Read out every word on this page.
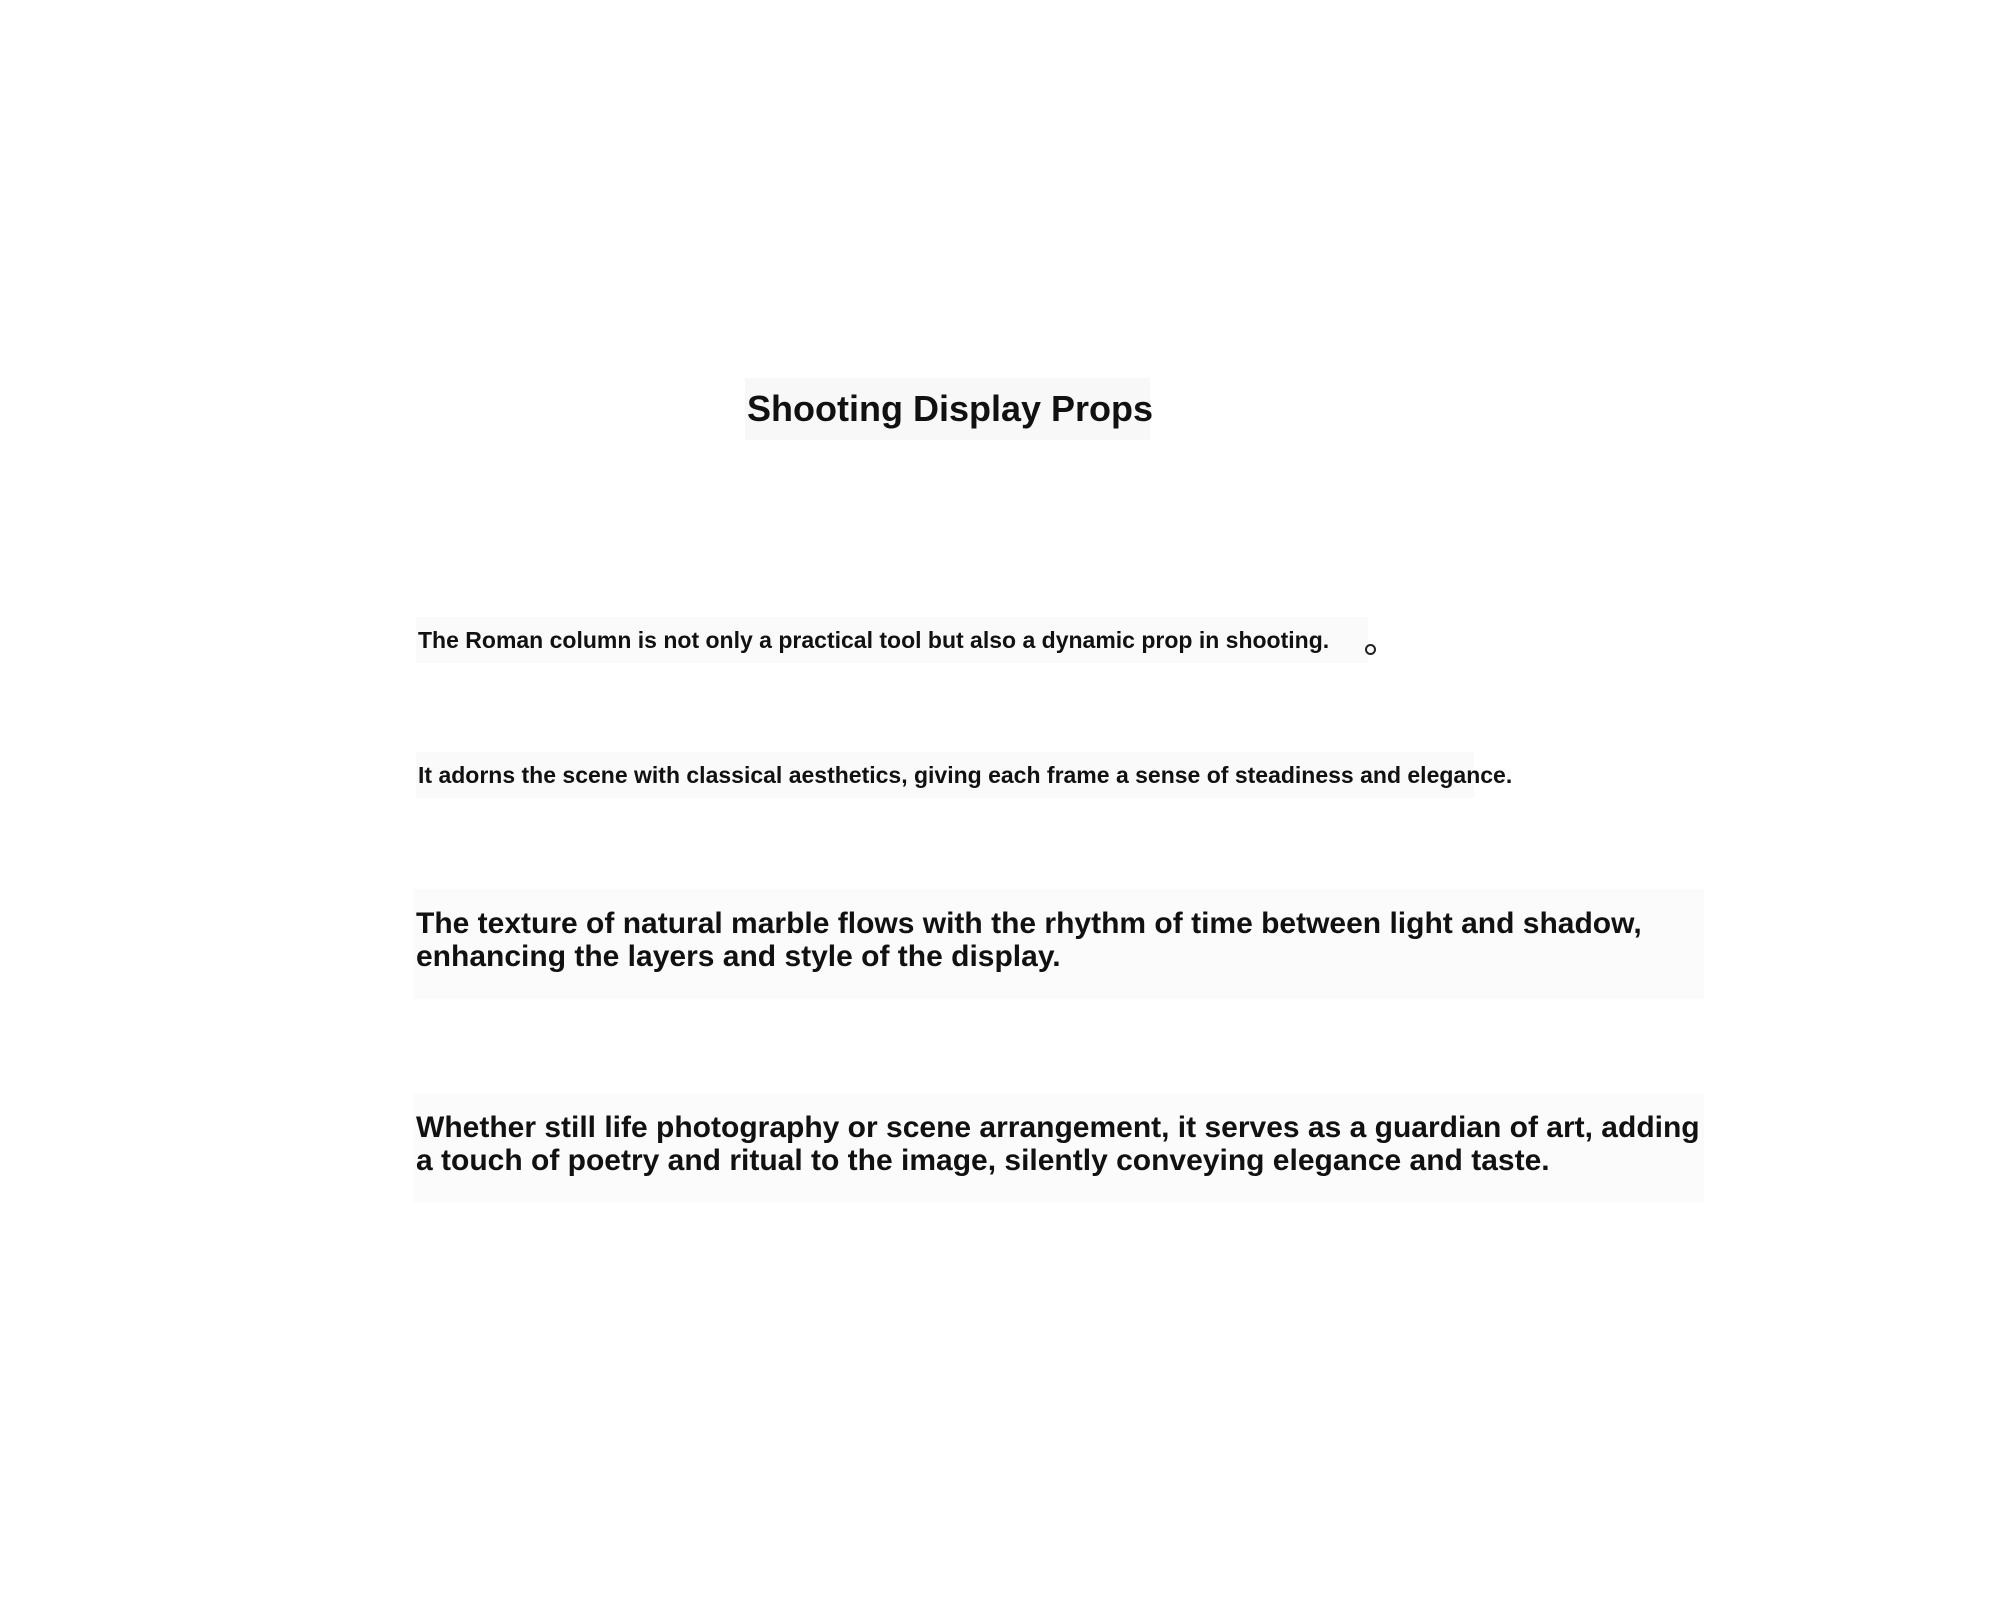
Shooting Display Props
The Roman column is not only a practical tool but also a dynamic prop in shooting.
It adorns the scene with classical aesthetics, giving each frame a sense of steadiness and elegance.
The texture of natural marble flows with the rhythm of time between light and shadow, enhancing the layers and style of the display.
Whether still life photography or scene arrangement, it serves as a guardian of art, adding a touch of poetry and ritual to the image, silently conveying elegance and taste.
